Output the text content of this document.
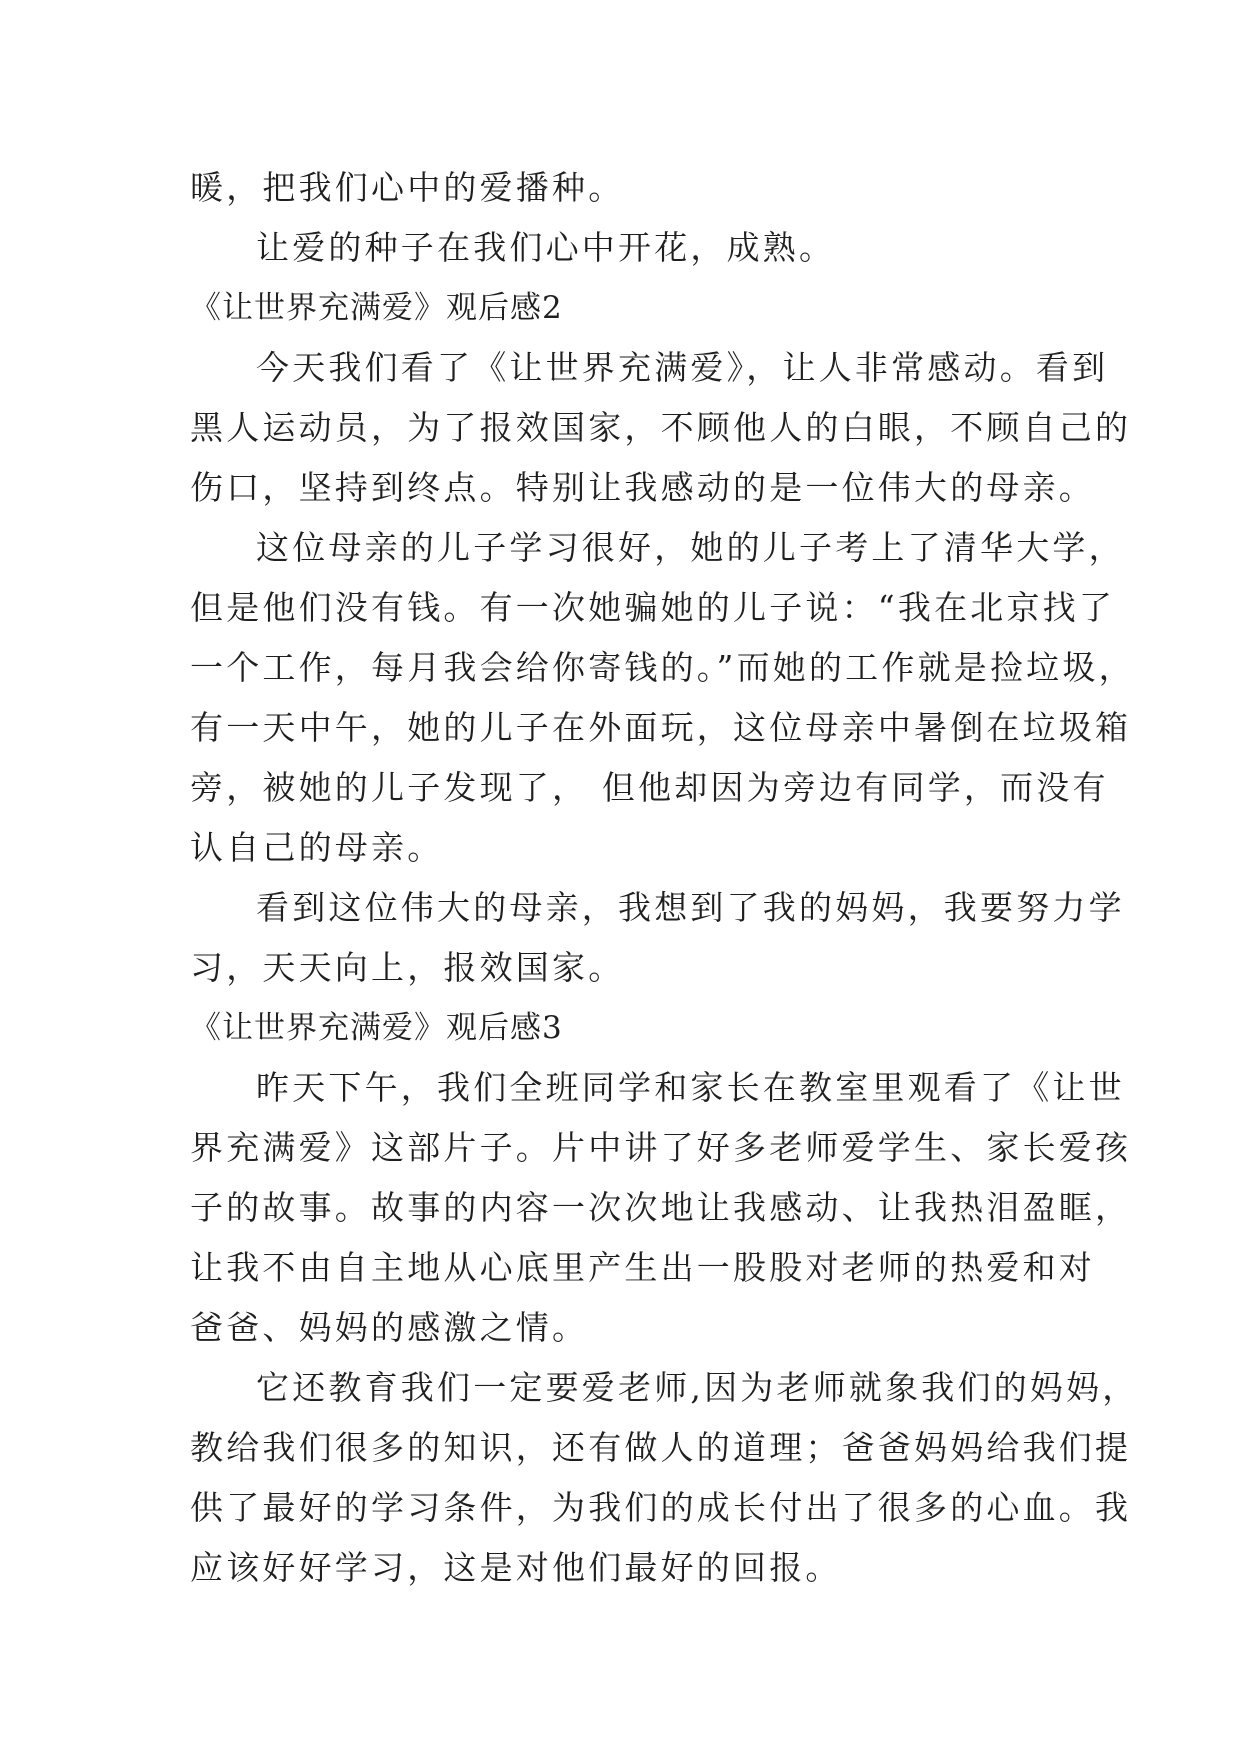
暖，把我们心中的爱播种。
让爱的种子在我们心中开花，成熟。
《让世界充满爱》观后感2
今天我们看了《让世界充满爱》，让人非常感动。看到
黑人运动员，为了报效国家，不顾他人的白眼，不顾自己的
伤口，坚持到终点。特别让我感动的是一位伟大的母亲。
这位母亲的儿子学习很好，她的儿子考上了清华大学，
但是他们没有钱。有一次她骗她的儿子说：“我在北京找了
一个工作，每月我会给你寄钱的。”而她的工作就是捡垃圾，
有一天中午，她的儿子在外面玩，这位母亲中暑倒在垃圾箱
旁，被她的儿子发现了， 但他却因为旁边有同学，而没有
认自己的母亲。
看到这位伟大的母亲，我想到了我的妈妈，我要努力学
习，天天向上，报效国家。
《让世界充满爱》观后感3
昨天下午，我们全班同学和家长在教室里观看了《让世
界充满爱》这部片子。片中讲了好多老师爱学生、家长爱孩
子的故事。故事的内容一次次地让我感动、让我热泪盈眶，
让我不由自主地从心底里产生出一股股对老师的热爱和对
爸爸、妈妈的感激之情。
它还教育我们一定要爱老师,因为老师就象我们的妈妈，
教给我们很多的知识，还有做人的道理；爸爸妈妈给我们提
供了最好的学习条件，为我们的成长付出了很多的心血。我
应该好好学习，这是对他们最好的回报。
